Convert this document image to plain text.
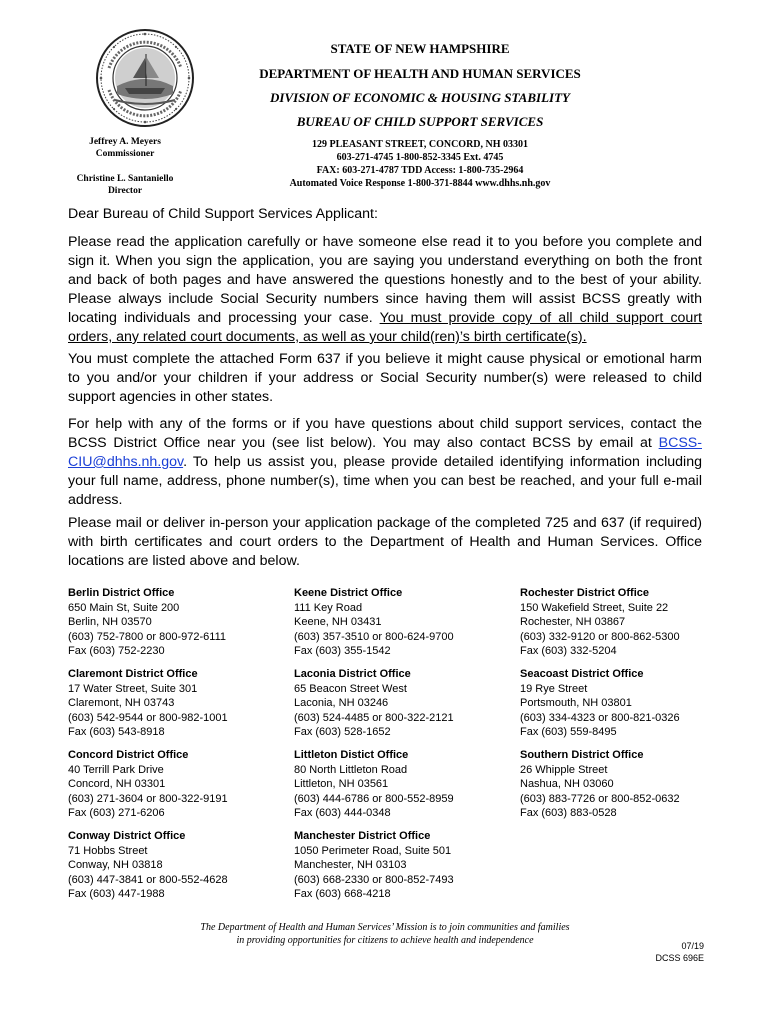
STATE OF NEW HAMPSHIRE
DEPARTMENT OF HEALTH AND HUMAN SERVICES
DIVISION OF ECONOMIC & HOUSING STABILITY
BUREAU OF CHILD SUPPORT SERVICES
Jeffrey A. Meyers
Commissioner
Christine L. Santaniello
Director
129 PLEASANT STREET, CONCORD, NH 03301
603-271-4745 1-800-852-3345 Ext. 4745
FAX: 603-271-4787 TDD Access: 1-800-735-2964
Automated Voice Response 1-800-371-8844 www.dhhs.nh.gov
Dear Bureau of Child Support Services Applicant:
Please read the application carefully or have someone else read it to you before you complete and sign it. When you sign the application, you are saying you understand everything on both the front and back of both pages and have answered the questions honestly and to the best of your ability. Please always include Social Security numbers since having them will assist BCSS greatly with locating individuals and processing your case. You must provide copy of all child support court orders, any related court documents, as well as your child(ren)’s birth certificate(s).
You must complete the attached Form 637 if you believe it might cause physical or emotional harm to you and/or your children if your address or Social Security number(s) were released to child support agencies in other states.
For help with any of the forms or if you have questions about child support services, contact the BCSS District Office near you (see list below). You may also contact BCSS by email at BCSS-CIU@dhhs.nh.gov. To help us assist you, please provide detailed identifying information including your full name, address, phone number(s), time when you can best be reached, and your full e-mail address.
Please mail or deliver in-person your application package of the completed 725 and 637 (if required) with birth certificates and court orders to the Department of Health and Human Services. Office locations are listed above and below.
Berlin District Office
650 Main St, Suite 200
Berlin, NH 03570
(603) 752-7800 or 800-972-6111
Fax (603) 752-2230
Keene District Office
111 Key Road
Keene, NH 03431
(603) 357-3510 or 800-624-9700
Fax (603) 355-1542
Rochester District Office
150 Wakefield Street, Suite 22
Rochester, NH 03867
(603) 332-9120 or 800-862-5300
Fax (603) 332-5204
Claremont District Office
17 Water Street, Suite 301
Claremont, NH 03743
(603) 542-9544 or 800-982-1001
Fax (603) 543-8918
Laconia District Office
65 Beacon Street West
Laconia, NH 03246
(603) 524-4485 or 800-322-2121
Fax (603) 528-1652
Seacoast District Office
19 Rye Street
Portsmouth, NH 03801
(603) 334-4323 or 800-821-0326
Fax (603) 559-8495
Concord District Office
40 Terrill Park Drive
Concord, NH 03301
(603) 271-3604 or 800-322-9191
Fax (603) 271-6206
Littleton Distict Office
80 North Littleton Road
Littleton, NH 03561
(603) 444-6786 or 800-552-8959
Fax (603) 444-0348
Southern District Office
26 Whipple Street
Nashua, NH 03060
(603) 883-7726 or 800-852-0632
Fax (603) 883-0528
Conway District Office
71 Hobbs Street
Conway, NH 03818
(603) 447-3841 or 800-552-4628
Fax (603) 447-1988
Manchester District Office
1050 Perimeter Road, Suite 501
Manchester, NH 03103
(603) 668-2330 or 800-852-7493
Fax (603) 668-4218
The Department of Health and Human Services’ Mission is to join communities and families
in providing opportunities for citizens to achieve health and independence	07/19
DCSS 696E
